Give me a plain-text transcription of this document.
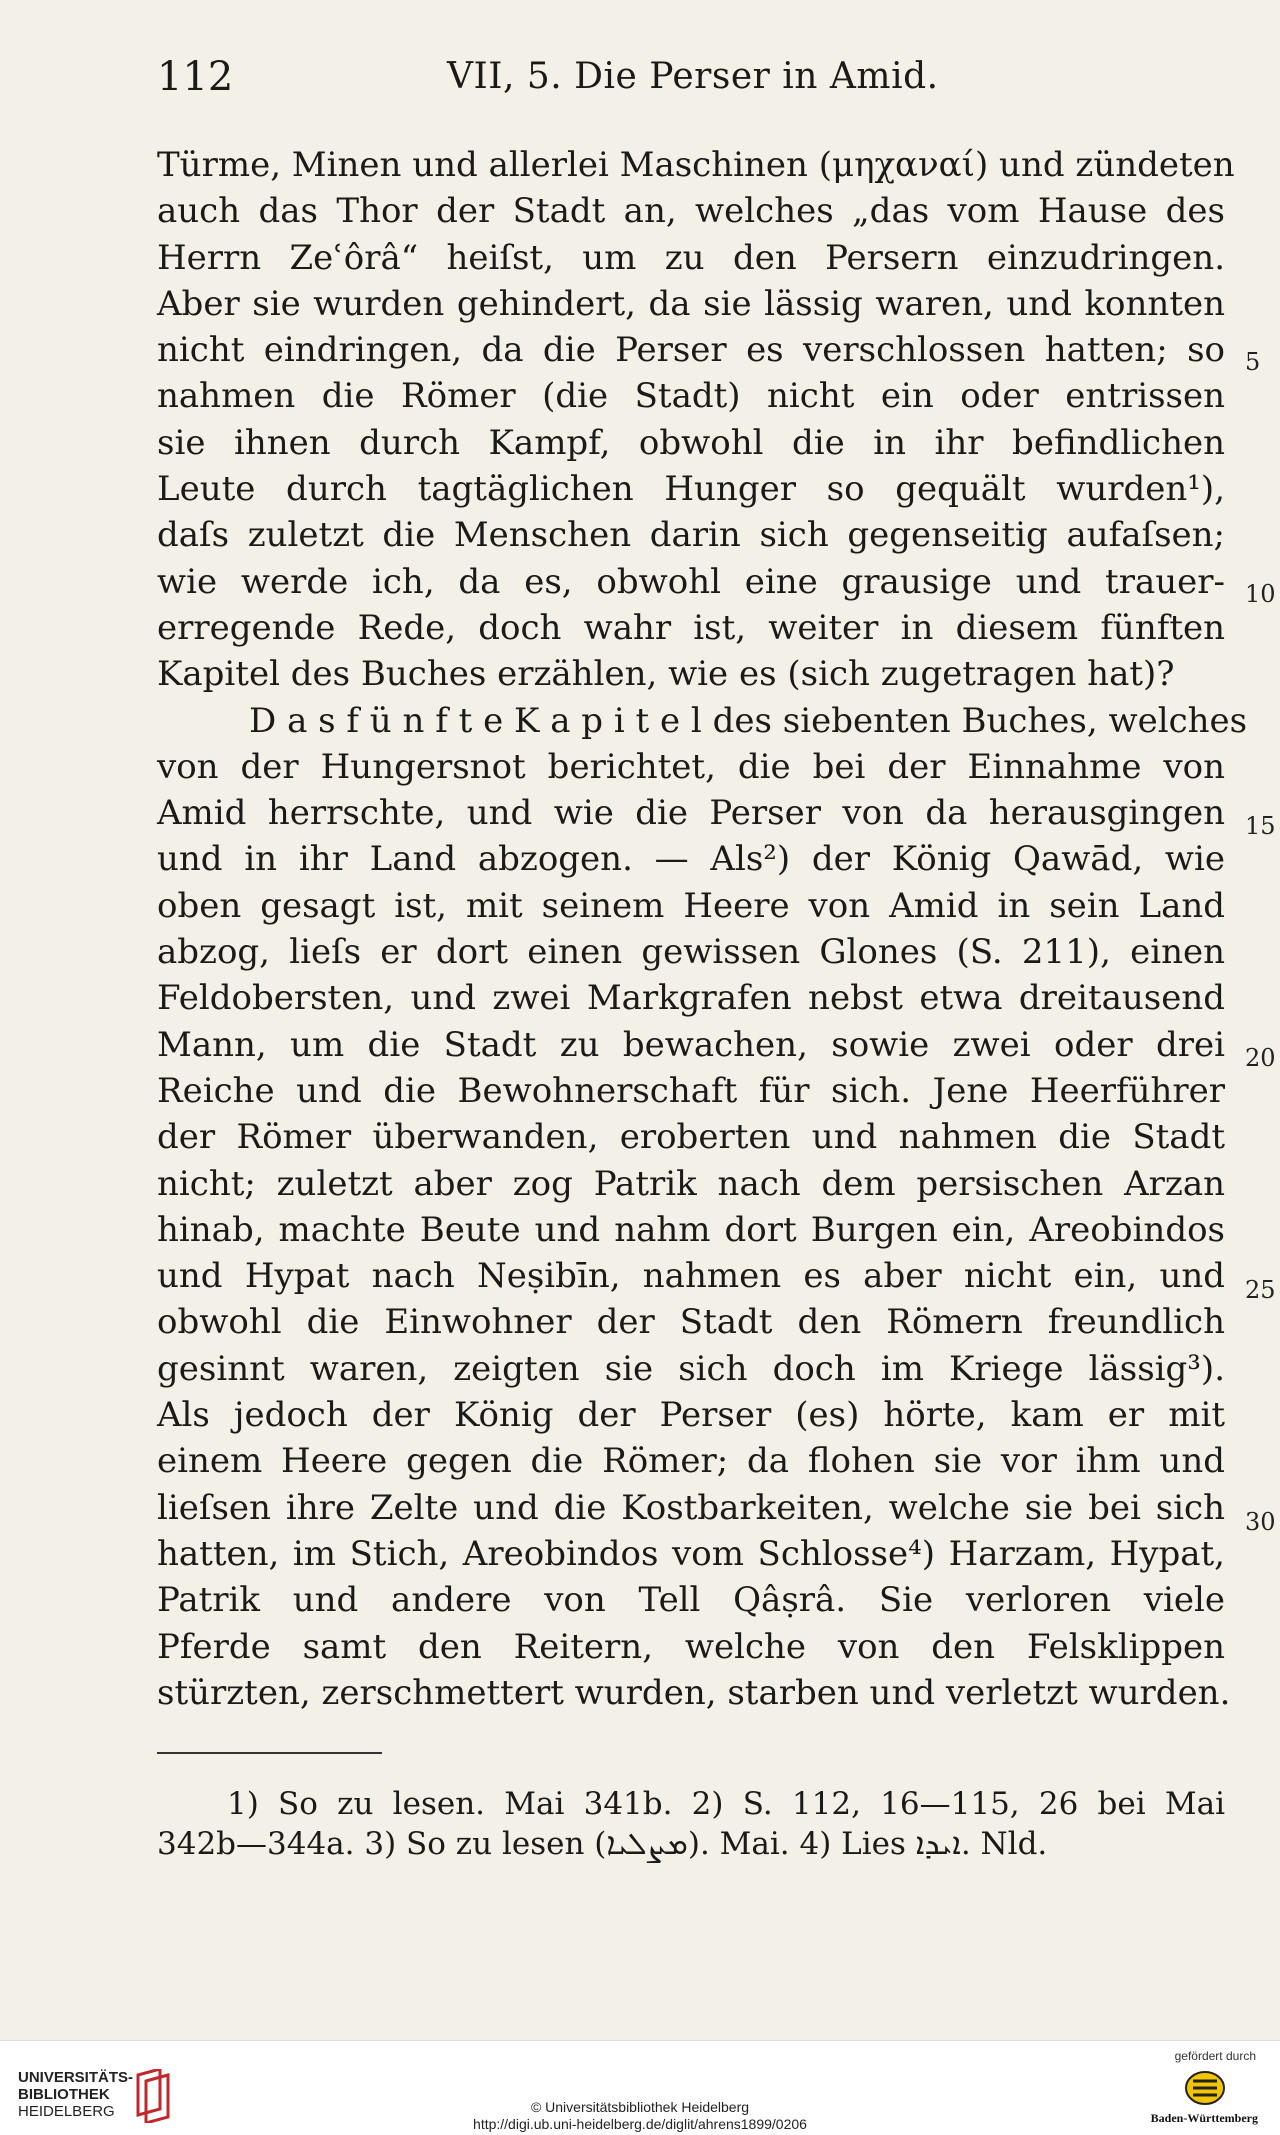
112	VII, 5. Die Perser in Amid.
Türme, Minen und allerlei Maschinen (μηχαναί) und zündeten
auch das Thor der Stadt an, welches „das vom Hause des
Herrn Zeʿôrâ“ heiſst, um zu den Persern einzudringen.
Aber sie wurden gehindert, da sie lässig waren, und konnten
nicht eindringen, da die Perser es verschlossen hatten; so
nahmen die Römer (die Stadt) nicht ein oder entrissen
sie ihnen durch Kampf, obwohl die in ihr befindlichen
Leute durch tagtäglichen Hunger so gequält wurden¹),
daſs zuletzt die Menschen darin sich gegenseitig aufaſsen;
wie werde ich, da es, obwohl eine grausige und trauer-
erregende Rede, doch wahr ist, weiter in diesem fünften
Kapitel des Buches erzählen, wie es (sich zugetragen hat)?
D a s f ü n f t e K a p i t e l des siebenten Buches, welches
von der Hungersnot berichtet, die bei der Einnahme von
Amid herrschte, und wie die Perser von da herausgingen
und in ihr Land abzogen. — Als²) der König Qawād, wie
oben gesagt ist, mit seinem Heere von Amid in sein Land
abzog, lieſs er dort einen gewissen Glones (S. 211), einen
Feldobersten, und zwei Markgrafen nebst etwa dreitausend
Mann, um die Stadt zu bewachen, sowie zwei oder drei
Reiche und die Bewohnerschaft für sich. Jene Heerführer
der Römer überwanden, eroberten und nahmen die Stadt
nicht; zuletzt aber zog Patrik nach dem persischen Arzan
hinab, machte Beute und nahm dort Burgen ein, Areobindos
und Hypat nach Neṣibīn, nahmen es aber nicht ein, und
obwohl die Einwohner der Stadt den Römern freundlich
gesinnt waren, zeigten sie sich doch im Kriege lässig³).
Als jedoch der König der Perser (es) hörte, kam er mit
einem Heere gegen die Römer; da flohen sie vor ihm und
lieſsen ihre Zelte und die Kostbarkeiten, welche sie bei sich
hatten, im Stich, Areobindos vom Schlosse⁴) Harzam, Hypat,
Patrik und andere von Tell Qâṣrâ. Sie verloren viele
Pferde samt den Reitern, welche von den Felsklippen
stürzten, zerschmettert wurden, starben und verletzt wurden.
5
10
15
20
25
30
1) So zu lesen. Mai 341b. 2) S. 112, 16—115, 26 bei Mai
342b—344a. 3) So zu lesen (ܡܨܠܝܐ). Mai. 4) Lies ܐܝܕܐ. Nld.
UNIVERSITÄTS-
BIBLIOTHEK
HEIDELBERG	© Universitätsbibliothek Heidelberg
http://digi.ub.uni-heidelberg.de/diglit/ahrens1899/0206
gefördert durch
Baden-Württemberg
